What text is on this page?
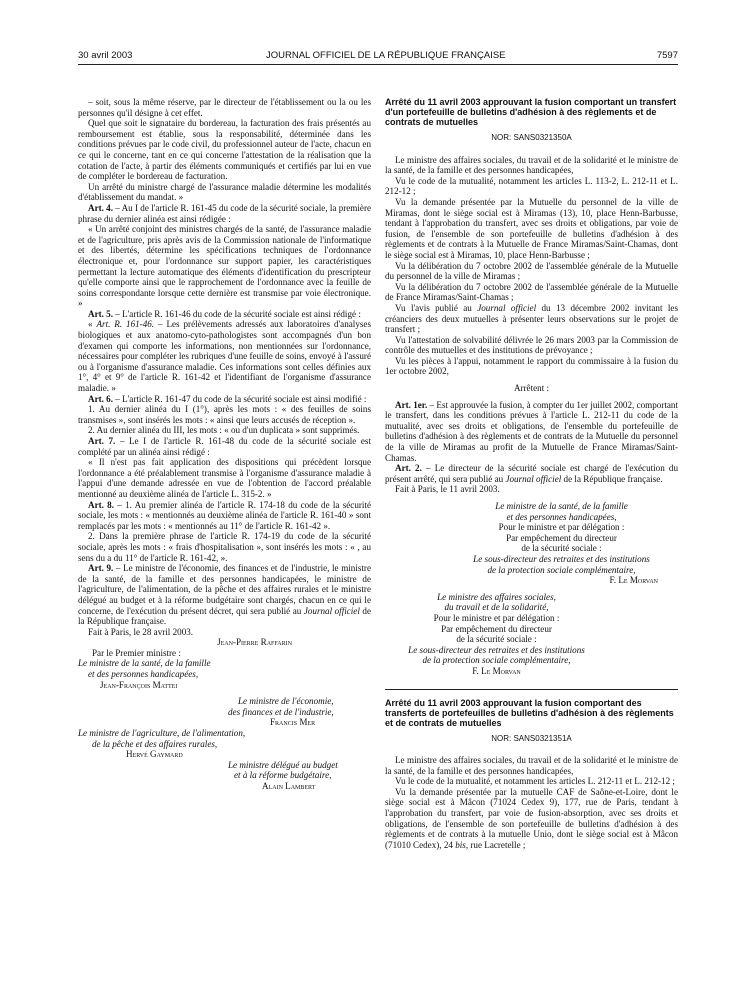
30 avril 2003	JOURNAL OFFICIEL DE LA RÉPUBLIQUE FRANÇAISE	7597

– soit, sous la même réserve, par le directeur de l'établissement ou la ou les personnes qu'il désigne à cet effet.

Quel que soit le signataire du bordereau, la facturation des frais présentés au remboursement est établie, sous la responsabilité, déterminée dans les conditions prévues par le code civil, du professionnel auteur de l'acte, chacun en ce qui le concerne, tant en ce qui concerne l'attestation de la réalisation que la cotation de l'acte, à partir des éléments communiqués et certifiés par lui en vue de compléter le bordereau de facturation.

Un arrêté du ministre chargé de l'assurance maladie détermine les modalités d'établissement du mandat. »

Art. 4. – Au I de l'article R. 161-45 du code de la sécurité sociale, la première phrase du dernier alinéa est ainsi rédigée :

« Un arrêté conjoint des ministres chargés de la santé, de l'assurance maladie et de l'agriculture, pris après avis de la Commission nationale de l'informatique et des libertés, détermine les spécifications techniques de l'ordonnance électronique et, pour l'ordonnance sur support papier, les caractéristiques permettant la lecture automatique des éléments d'identification du prescripteur qu'elle comporte ainsi que le rapprochement de l'ordonnance avec la feuille de soins correspondante lorsque cette dernière est transmise par voie électronique. »

Art. 5. – L'article R. 161-46 du code de la sécurité sociale est ainsi rédigé :

« Art. R. 161-46. – Les prélèvements adressés aux laboratoires d'analyses biologiques et aux anatomo-cyto-pathologistes sont accompagnés d'un bon d'examen qui comporte les informations, non mentionnées sur l'ordonnance, nécessaires pour compléter les rubriques d'une feuille de soins, envoyé à l'assuré ou à l'organisme d'assurance maladie. Ces informations sont celles définies aux 1°, 4° et 9° de l'article R. 161-42 et l'identifiant de l'organisme d'assurance maladie. »

Art. 6. – L'article R. 161-47 du code de la sécurité sociale est ainsi modifié :

1. Au dernier alinéa du I (1°), après les mots : « des feuilles de soins transmises », sont insérés les mots : « ainsi que leurs accusés de réception ».

2. Au dernier alinéa du III, les mots : « ou d'un duplicata » sont supprimés.

Art. 7. – Le I de l'article R. 161-48 du code de la sécurité sociale est complété par un alinéa ainsi rédigé :

« Il n'est pas fait application des dispositions qui précèdent lorsque l'ordonnance a été préalablement transmise à l'organisme d'assurance maladie à l'appui d'une demande adressée en vue de l'obtention de l'accord préalable mentionné au deuxième alinéa de l'article L. 315-2. »

Art. 8. – 1. Au premier alinéa de l'article R. 174-18 du code de la sécurité sociale, les mots : « mentionnés au deuxième alinéa de l'article R. 161-40 » sont remplacés par les mots : « mentionnés au 11° de l'article R. 161-42 ».

2. Dans la première phrase de l'article R. 174-19 du code de la sécurité sociale, après les mots : « frais d'hospitalisation », sont insérés les mots : « , au sens du a du 11° de l'article R. 161-42, ».

Art. 9. – Le ministre de l'économie, des finances et de l'industrie, le ministre de la santé, de la famille et des personnes handicapées, le ministre de l'agriculture, de l'alimentation, de la pêche et des affaires rurales et le ministre délégué au budget et à la réforme budgétaire sont chargés, chacun en ce qui le concerne, de l'exécution du présent décret, qui sera publié au Journal officiel de la République française.

Fait à Paris, le 28 avril 2003.

Jean-Pierre Raffarin
Par le Premier ministre :
Le ministre de la santé, de la famille
et des personnes handicapées,
Jean-François Mattei
Le ministre de l'économie,
des finances et de l'industrie,
Francis Mer
Le ministre de l'agriculture, de l'alimentation,
de la pêche et des affaires rurales,
Hervé Gaymard
Le ministre délégué au budget
et à la réforme budgétaire,
Alain Lambert

Arrêté du 11 avril 2003 approuvant la fusion comportant un transfert d'un portefeuille de bulletins d'adhésion à des règlements et de contrats de mutuelles

NOR: SANS0321350A

Le ministre des affaires sociales, du travail et de la solidarité et le ministre de la santé, de la famille et des personnes handicapées,

Vu le code de la mutualité, notamment les articles L. 113-2, L. 212-11 et L. 212-12 ;

Vu la demande présentée par la Mutuelle du personnel de la ville de Miramas, dont le siège social est à Miramas (13), 10, place Henn-Barbusse, tendant à l'approbation du transfert, avec ses droits et obligations, par voie de fusion, de l'ensemble de son portefeuille de bulletins d'adhésion à des règlements et de contrats à la Mutuelle de France Miramas/Saint-Chamas, dont le siège social est à Miramas, 10, place Henn-Barbusse ;

Vu la délibération du 7 octobre 2002 de l'assemblée générale de la Mutuelle du personnel de la ville de Miramas ;

Vu la délibération du 7 octobre 2002 de l'assemblée générale de la Mutuelle de France Miramas/Saint-Chamas ;

Vu l'avis publié au Journal officiel du 13 décembre 2002 invitant les créanciers des deux mutuelles à présenter leurs observations sur le projet de transfert ;

Vu l'attestation de solvabilité délivrée le 26 mars 2003 par la Commission de contrôle des mutuelles et des institutions de prévoyance ;

Vu les pièces à l'appui, notamment le rapport du commissaire à la fusion du 1er octobre 2002,

Arrêtent :

Art. 1er. – Est approuvée la fusion, à compter du 1er juillet 2002, comportant le transfert, dans les conditions prévues à l'article L. 212-11 du code de la mutualité, avec ses droits et obligations, de l'ensemble du portefeuille de bulletins d'adhésion à des règlements et de contrats de la Mutuelle du personnel de la ville de Miramas au profit de la Mutuelle de France Miramas/Saint-Chamas.

Art. 2. – Le directeur de la sécurité sociale est chargé de l'exécution du présent arrêté, qui sera publié au Journal officiel de la République française.

Fait à Paris, le 11 avril 2003.

Le ministre de la santé, de la famille
et des personnes handicapées,
Pour le ministre et par délégation :
Par empêchement du directeur
de la sécurité sociale :
Le sous-directeur des retraites et des institutions
de la protection sociale complémentaire,
F. Le Morvan
Le ministre des affaires sociales,
du travail et de la solidarité,
Pour le ministre et par délégation :
Par empêchement du directeur
de la sécurité sociale :
Le sous-directeur des retraites et des institutions
de la protection sociale complémentaire,
F. Le Morvan

Arrêté du 11 avril 2003 approuvant la fusion comportant des transferts de portefeuilles de bulletins d'adhésion à des règlements et de contrats de mutuelles

NOR: SANS0321351A

Le ministre des affaires sociales, du travail et de la solidarité et le ministre de la santé, de la famille et des personnes handicapées,

Vu le code de la mutualité, et notamment les articles L. 212-11 et L. 212-12 ;

Vu la demande présentée par la mutuelle CAF de Saône-et-Loire, dont le siège social est à Mâcon (71024 Cedex 9), 177, rue de Paris, tendant à l'approbation du transfert, par voie de fusion-absorption, avec ses droits et obligations, de l'ensemble de son portefeuille de bulletins d'adhésion à des règlements et de contrats à la mutuelle Unio, dont le siège social est à Mâcon (71010 Cedex), 24 bis, rue Lacretelle ;
